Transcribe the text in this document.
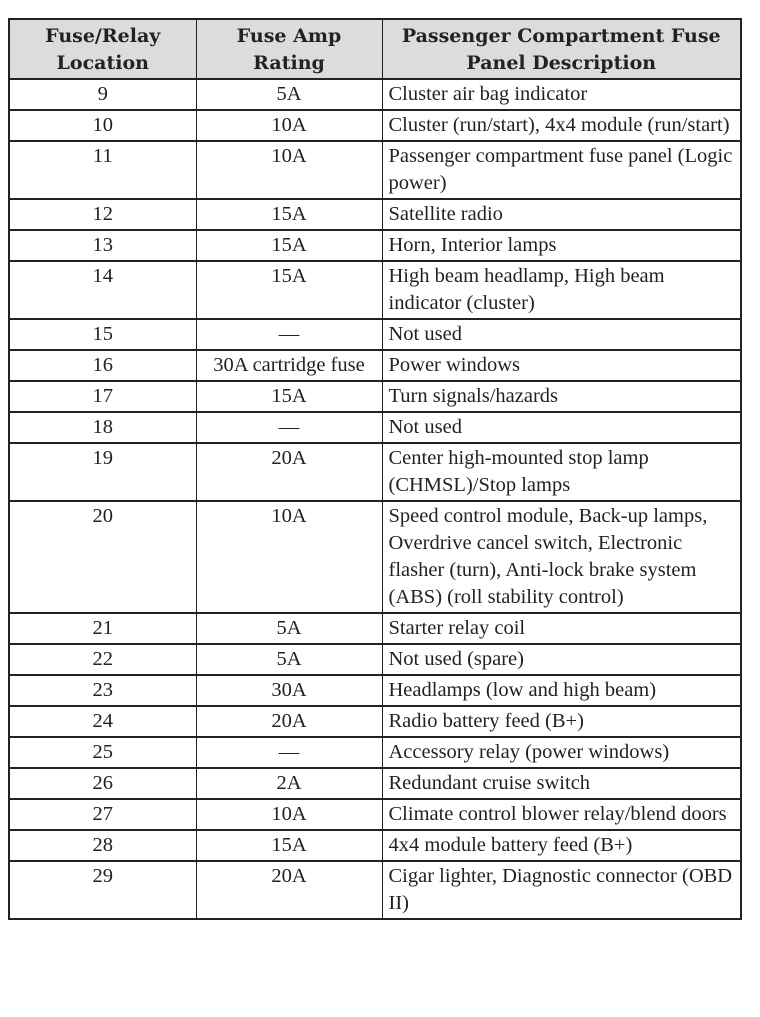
Fuse/Relay Location	Fuse Amp Rating	Passenger Compartment Fuse Panel Description
9	5A	Cluster air bag indicator
10	10A	Cluster (run/start), 4x4 module (run/start)
11	10A	Passenger compartment fuse panel (Logic power)
12	15A	Satellite radio
13	15A	Horn, Interior lamps
14	15A	High beam headlamp, High beam indicator (cluster)
15	—	Not used
16	30A cartridge fuse	Power windows
17	15A	Turn signals/hazards
18	—	Not used
19	20A	Center high-mounted stop lamp (CHMSL)/Stop lamps
20	10A	Speed control module, Back-up lamps, Overdrive cancel switch, Electronic flasher (turn), Anti-lock brake system (ABS) (roll stability control)
21	5A	Starter relay coil
22	5A	Not used (spare)
23	30A	Headlamps (low and high beam)
24	20A	Radio battery feed (B+)
25	—	Accessory relay (power windows)
26	2A	Redundant cruise switch
27	10A	Climate control blower relay/blend doors
28	15A	4x4 module battery feed (B+)
29	20A	Cigar lighter, Diagnostic connector (OBD II)
